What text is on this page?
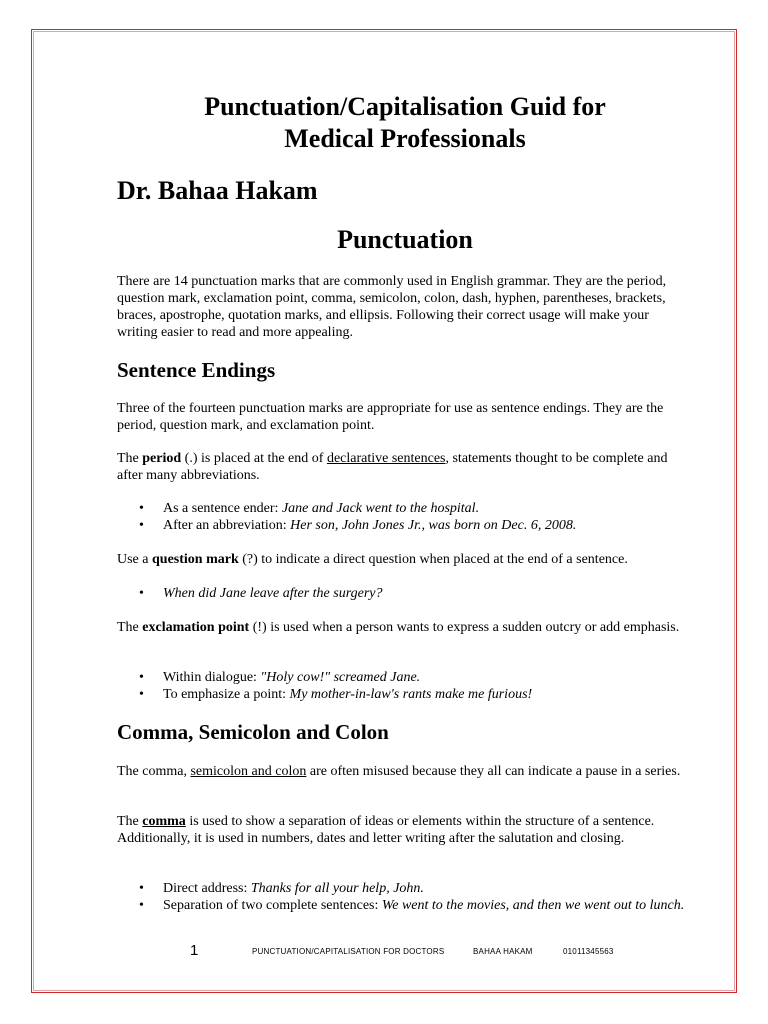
Punctuation/Capitalisation Guid for
Medical Professionals
Dr. Bahaa Hakam
Punctuation
There are 14 punctuation marks that are commonly used in English grammar. They are the period, question mark, exclamation point, comma, semicolon, colon, dash, hyphen, parentheses, brackets, braces, apostrophe, quotation marks, and ellipsis. Following their correct usage will make your writing easier to read and more appealing.
Sentence Endings
Three of the fourteen punctuation marks are appropriate for use as sentence endings. They are the period, question mark, and exclamation point.
The period (.) is placed at the end of declarative sentences, statements thought to be complete and after many abbreviations.
• As a sentence ender: Jane and Jack went to the hospital.
• After an abbreviation: Her son, John Jones Jr., was born on Dec. 6, 2008.
Use a question mark (?) to indicate a direct question when placed at the end of a sentence.
• When did Jane leave after the surgery?
The exclamation point (!) is used when a person wants to express a sudden outcry or add emphasis.
• Within dialogue: "Holy cow!" screamed Jane.
• To emphasize a point: My mother-in-law's rants make me furious!
Comma, Semicolon and Colon
The comma, semicolon and colon are often misused because they all can indicate a pause in a series.
The comma is used to show a separation of ideas or elements within the structure of a sentence. Additionally, it is used in numbers, dates and letter writing after the salutation and closing.
• Direct address: Thanks for all your help, John.
• Separation of two complete sentences: We went to the movies, and then we went out to lunch.
1	PUNCTUATION/CAPITALISATION FOR DOCTORS	BAHAA HAKAM	01011345563
